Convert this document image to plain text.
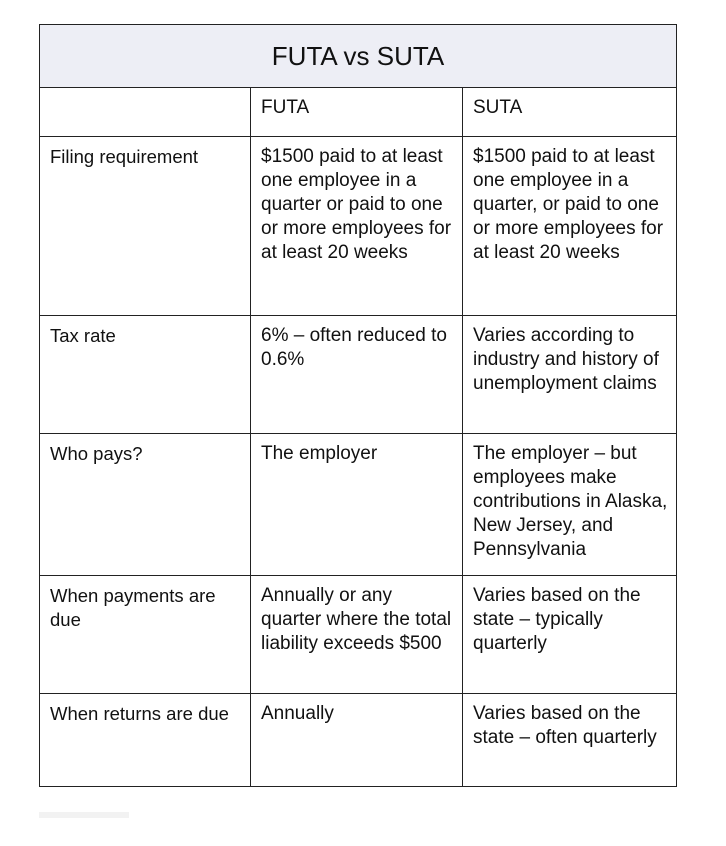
FUTA vs SUTA		
	FUTA	SUTA
Filing requirement	$1500 paid to at least one employee in a quarter or paid to one or more employees for at least 20 weeks	$1500 paid to at least one employee in a quarter, or paid to one or more employees for at least 20 weeks
Tax rate	6% – often reduced to 0.6%	Varies according to industry and history of unemployment claims
Who pays?	The employer	The employer – but employees make contributions in Alaska, New Jersey, and Pennsylvania
When payments are due	Annually or any quarter where the total liability exceeds $500	Varies based on the state – typically quarterly
When returns are due	Annually	Varies based on the state – often quarterly
